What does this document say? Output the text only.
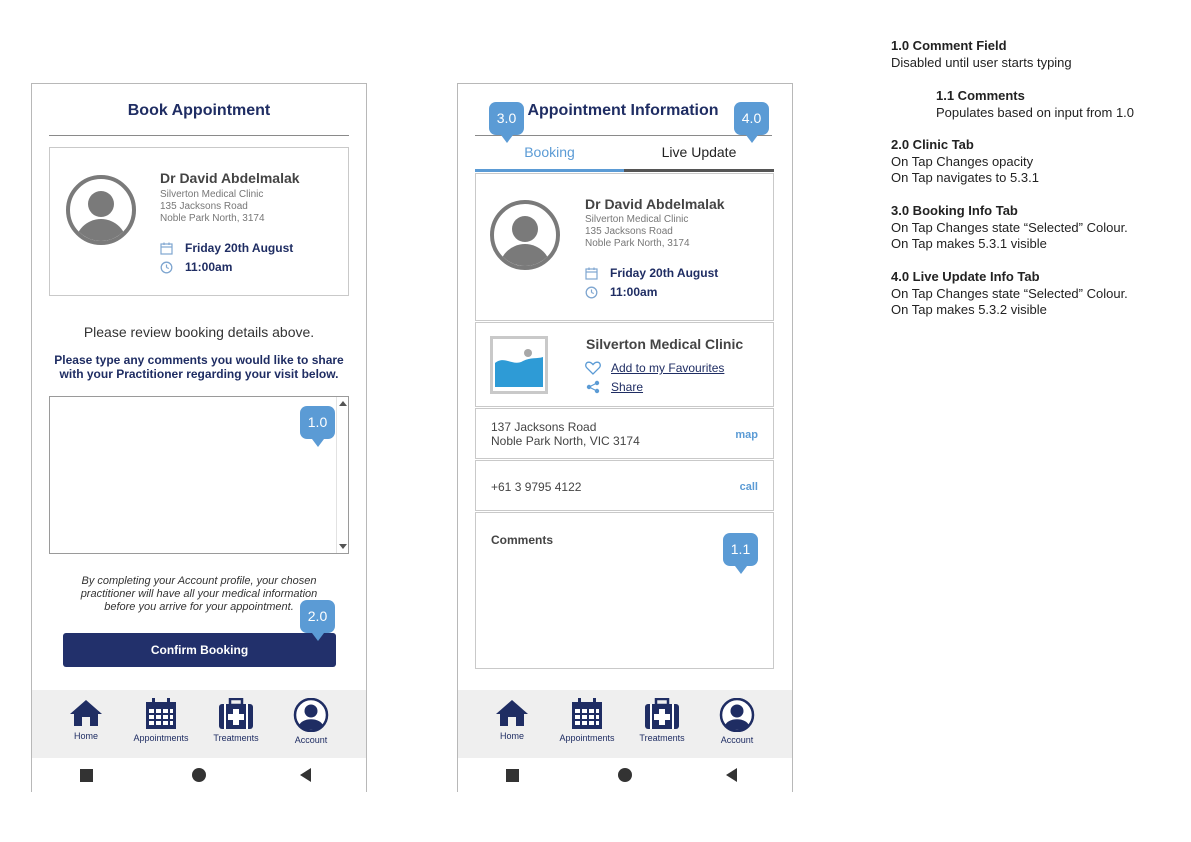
Book Appointment
Dr David Abdelmalak
Silverton Medical Clinic
135 Jacksons Road
Noble Park North, 3174
Friday 20th August
11:00am
Please review booking details above.
Please type any comments you would like to share
with your Practitioner regarding your visit below.
1.0
By completing your Account profile, your chosen
practitioner will have all your medical information
before you arrive for your appointment.
Confirm Booking
2.0
Home	Appointments	Treatments	Account
Appointment Information
3.0	4.0
Booking	Live Update
Dr David Abdelmalak
Silverton Medical Clinic
135 Jacksons Road
Noble Park North, 3174
Friday 20th August
11:00am
Silverton Medical Clinic
Add to my Favourites
Share
137 Jacksons Road
Noble Park North, VIC 3174	map
+61 3 9795 4122	call
Comments
1.1
Home	Appointments	Treatments	Account
1.0 Comment Field
Disabled until user starts typing
1.1 Comments
Populates based on input from 1.0
2.0 Clinic Tab
On Tap Changes opacity
On Tap navigates to 5.3.1
3.0 Booking Info Tab
On Tap Changes state “Selected” Colour.
On Tap makes 5.3.1 visible
4.0 Live Update Info Tab
On Tap Changes state “Selected” Colour.
On Tap makes 5.3.2 visible
